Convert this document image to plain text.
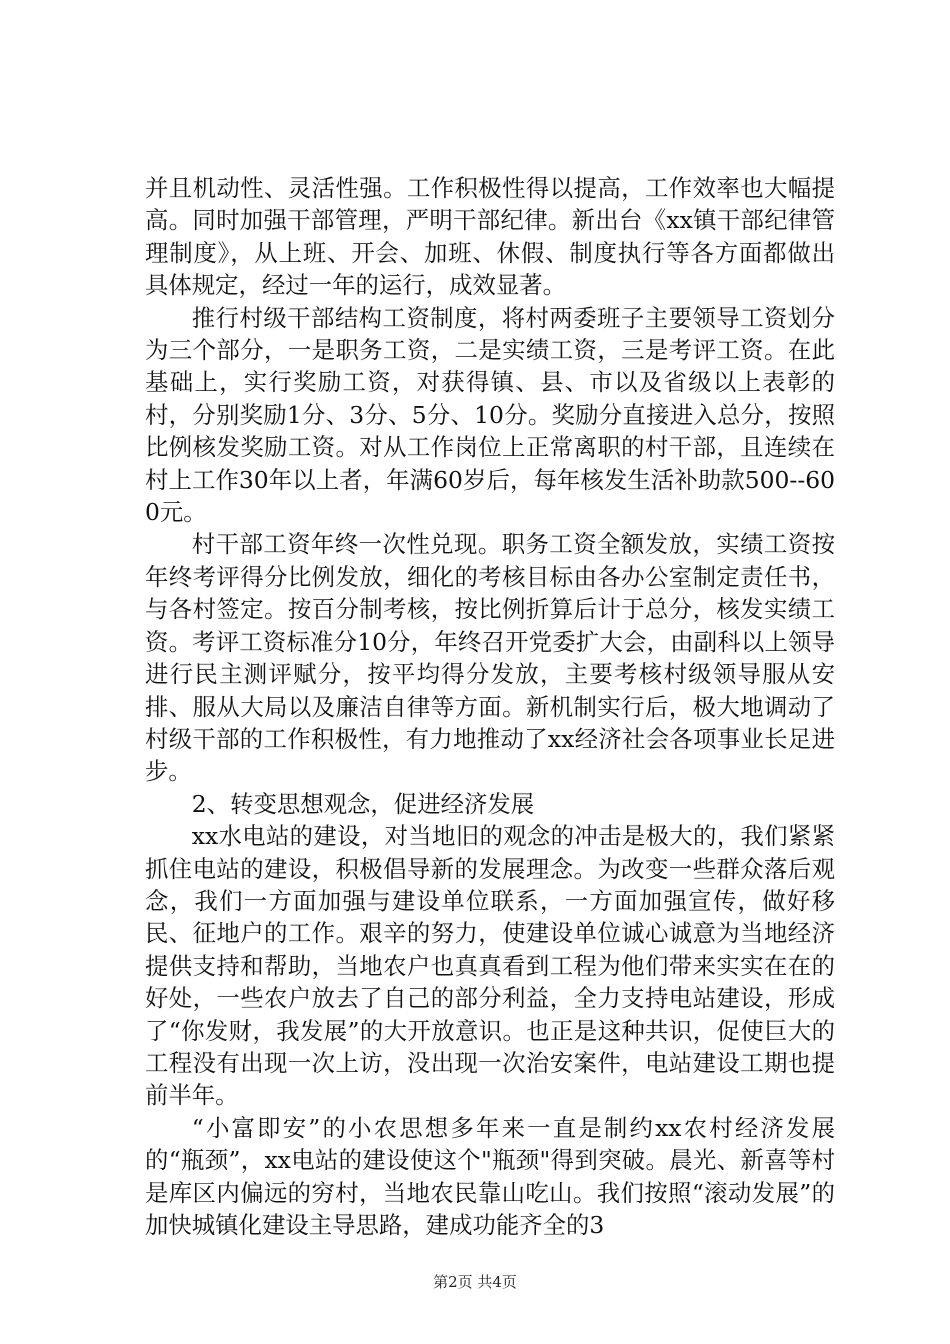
并且机动性、灵活性强。工作积极性得以提高，工作效率也大幅提高。同时加强干部管理，严明干部纪律。新出台《xx镇干部纪律管理制度》，从上班、开会、加班、休假、制度执行等各方面都做出具体规定，经过一年的运行，成效显著。

推行村级干部结构工资制度，将村两委班子主要领导工资划分为三个部分，一是职务工资，二是实绩工资，三是考评工资。在此基础上，实行奖励工资，对获得镇、县、市以及省级以上表彰的村，分别奖励1分、3分、5分、10分。奖励分直接进入总分，按照比例核发奖励工资。对从工作岗位上正常离职的村干部，且连续在村上工作30年以上者，年满60岁后，每年核发生活补助款500--600元。

村干部工资年终一次性兑现。职务工资全额发放，实绩工资按年终考评得分比例发放，细化的考核目标由各办公室制定责任书，与各村签定。按百分制考核，按比例折算后计于总分，核发实绩工资。考评工资标准分10分，年终召开党委扩大会，由副科以上领导进行民主测评赋分，按平均得分发放，主要考核村级领导服从安排、服从大局以及廉洁自律等方面。新机制实行后，极大地调动了村级干部的工作积极性，有力地推动了xx经济社会各项事业长足进步。

2、转变思想观念，促进经济发展

xx水电站的建设，对当地旧的观念的冲击是极大的，我们紧紧抓住电站的建设，积极倡导新的发展理念。为改变一些群众落后观念，我们一方面加强与建设单位联系，一方面加强宣传，做好移民、征地户的工作。艰辛的努力，使建设单位诚心诚意为当地经济提供支持和帮助，当地农户也真真看到工程为他们带来实实在在的好处，一些农户放去了自己的部分利益，全力支持电站建设，形成了“你发财，我发展”的大开放意识。也正是这种共识，促使巨大的工程没有出现一次上访，没出现一次治安案件，电站建设工期也提前半年。

“小富即安”的小农思想多年来一直是制约xx农村经济发展的“瓶颈”，xx电站的建设使这个"瓶颈"得到突破。晨光、新喜等村是库区内偏远的穷村，当地农民靠山吃山。我们按照“滚动发展”的加快城镇化建设主导思路，建成功能齐全的3

第2页 共4页
